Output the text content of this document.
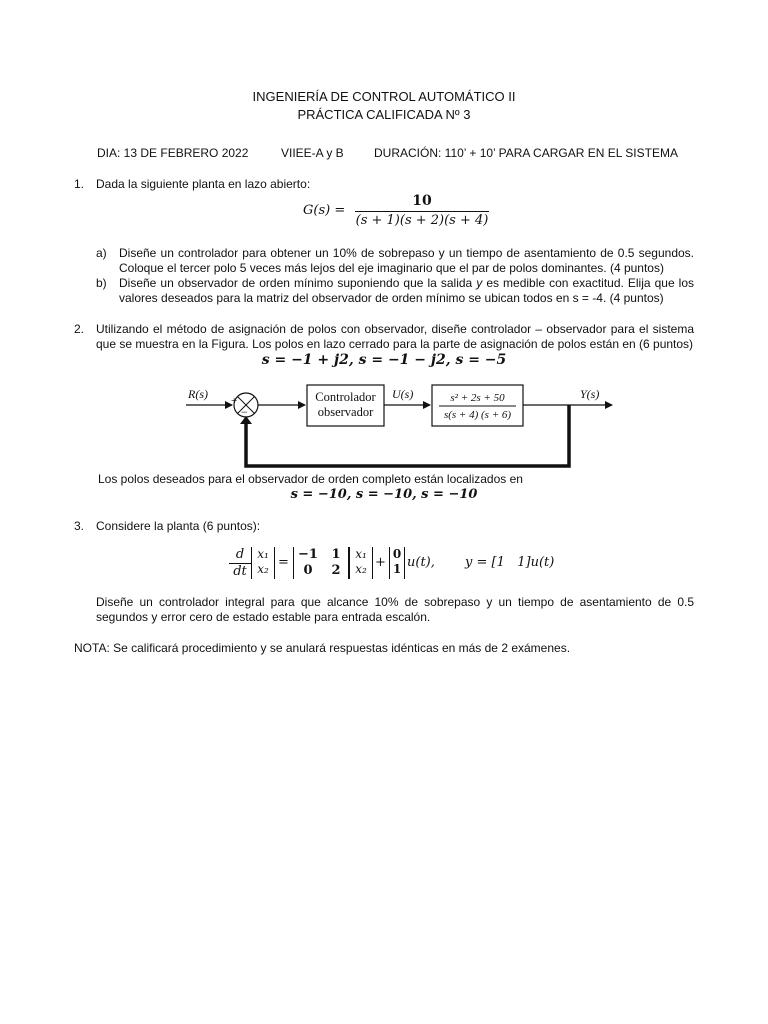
INGENIERÍA DE CONTROL AUTOMÁTICO II
PRÁCTICA CALIFICADA Nº 3
DIA: 13 DE FEBRERO 2022	VIIEE-A y B	DURACIÓN: 110’ + 10’ PARA CARGAR EN EL SISTEMA
1. Dada la siguiente planta en lazo abierto:
G(s) =
10
(s + 1)(s + 2)(s + 4)
a) Diseñe un controlador para obtener un 10% de sobrepaso y un tiempo de asentamiento de 0.5 segundos. Coloque el tercer polo 5 veces más lejos del eje imaginario que el par de polos dominantes. (4 puntos)
b) Diseñe un observador de orden mínimo suponiendo que la salida y es medible con exactitud. Elija que los valores deseados para la matriz del observador de orden mínimo se ubican todos en s = -4. (4 puntos)
2. Utilizando el método de asignación de polos con observador, diseñe controlador – observador para el sistema que se muestra en la Figura. Los polos en lazo cerrado para la parte de asignación de polos están en (6 puntos)
s = −1 + j2, s = −1 − j2, s = −5
R(s) +
−
Controlador
observador
U(s)	s² + 2s + 50
s(s + 4) (s + 6)
Y(s)
Los polos deseados para el observador de orden completo están localizados en
s = −10, s = −10, s = −10
3. Considere la planta (6 puntos):
d
dt
x₁
x₂ =
−1 1
0	2
x₁
x₂ +
0
1 u(t), y = [1   1]u(t)
Diseñe un controlador integral para que alcance 10% de sobrepaso y un tiempo de asentamiento de 0.5 segundos y error cero de estado estable para entrada escalón.
NOTA: Se calificará procedimiento y se anulará respuestas idénticas en más de 2 exámenes.
